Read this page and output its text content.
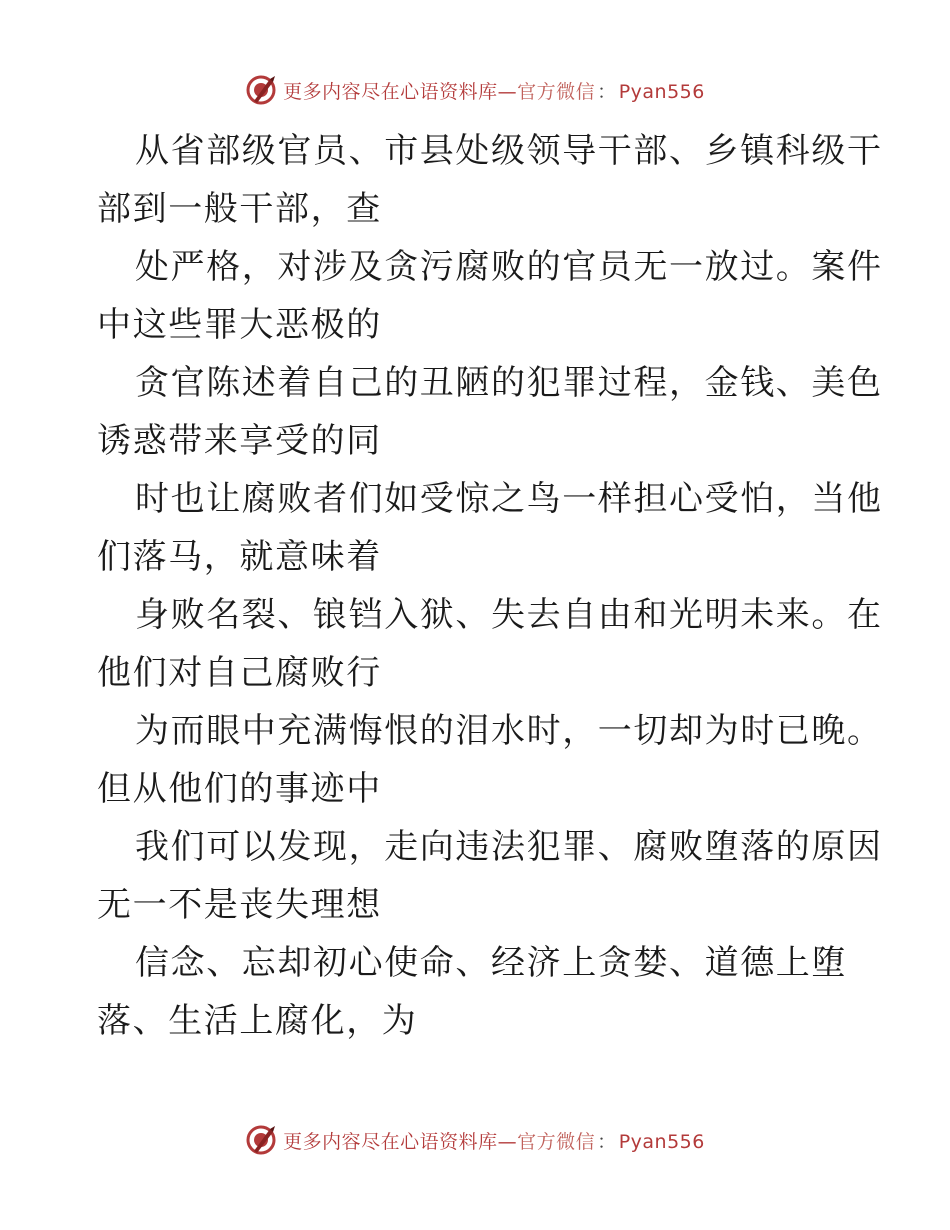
更多内容尽在心语资料库—官方微信 ： Pyan556

从省部级官员、市县处级领导干部、乡镇科级干
部到一般干部，查

处严格，对涉及贪污腐败的官员无一放过。案件
中这些罪大恶极的

贪官陈述着自己的丑陋的犯罪过程，金钱、美色
诱惑带来享受的同

时也让腐败者们如受惊之鸟一样担心受怕，当他
们落马，就意味着

身败名裂、锒铛入狱、失去自由和光明未来。在
他们对自己腐败行

为而眼中充满悔恨的泪水时，一切却为时已晚。
但从他们的事迹中

我们可以发现，走向违法犯罪、腐败堕落的原因
无一不是丧失理想

信念、忘却初心使命、经济上贪婪、道德上堕
落、生活上腐化，为

更多内容尽在心语资料库—官方微信 ： Pyan556
